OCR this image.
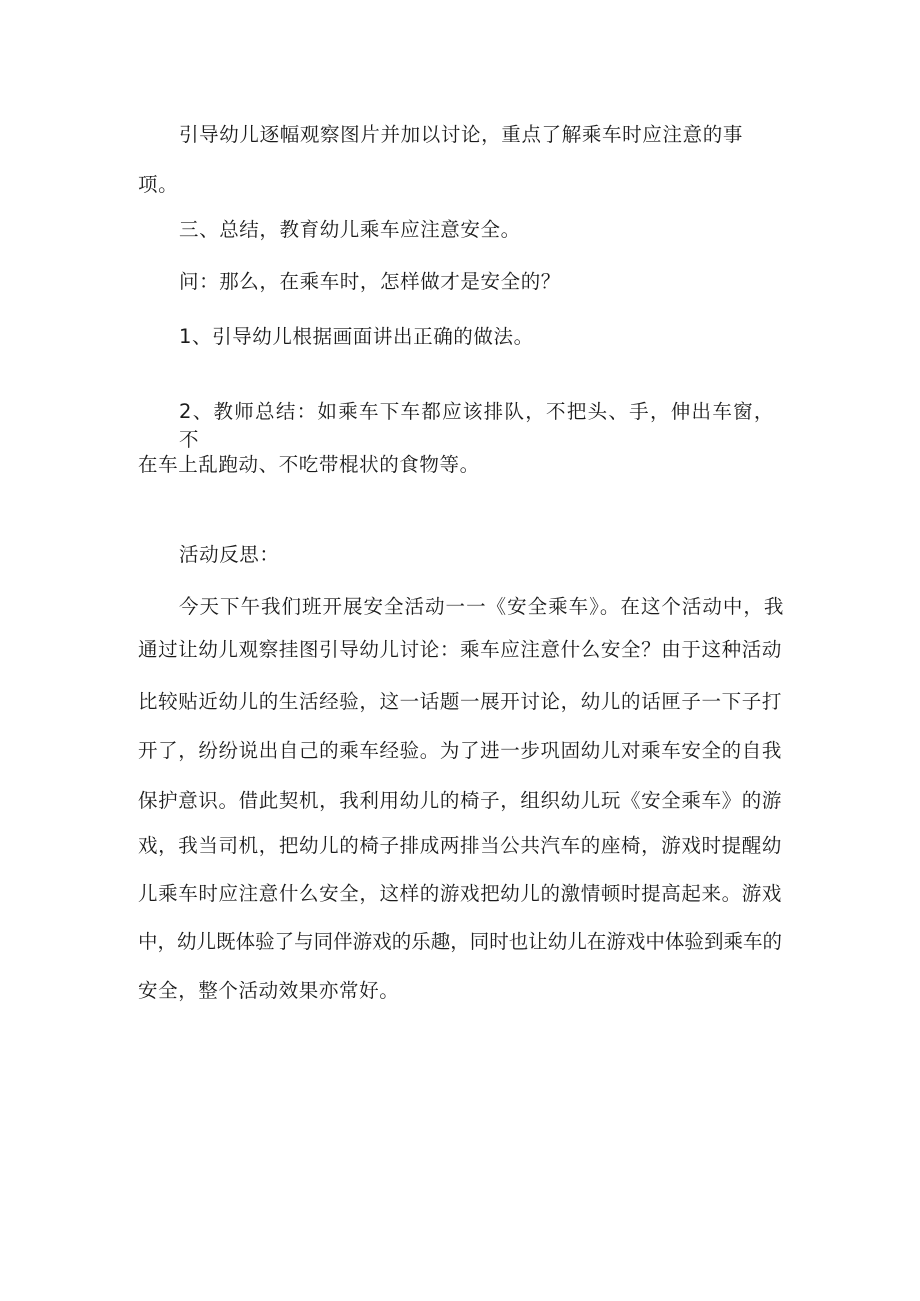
引导幼儿逐幅观察图片并加以讨论，重点了解乘车时应注意的事
项。
三、总结，教育幼儿乘车应注意安全。
问：那么，在乘车时，怎样做才是安全的？
1、引导幼儿根据画面讲出正确的做法。
2、教师总结：如乘车下车都应该排队，不把头、手，伸出车窗，不
在车上乱跑动、不吃带棍状的食物等。
活动反思：
今天下午我们班开展安全活动一一《安全乘车》。在这个活动中，我
通过让幼儿观察挂图引导幼儿讨论：乘车应注意什么安全？由于这种活动
比较贴近幼儿的生活经验，这一话题一展开讨论，幼儿的话匣子一下子打
开了，纷纷说出自己的乘车经验。为了进一步巩固幼儿对乘车安全的自我
保护意识。借此契机，我利用幼儿的椅子，组织幼儿玩《安全乘车》的游
戏，我当司机，把幼儿的椅子排成两排当公共汽车的座椅，游戏时提醒幼
儿乘车时应注意什么安全，这样的游戏把幼儿的激情顿时提高起来。游戏
中，幼儿既体验了与同伴游戏的乐趣，同时也让幼儿在游戏中体验到乘车的
安全，整个活动效果亦常好。
